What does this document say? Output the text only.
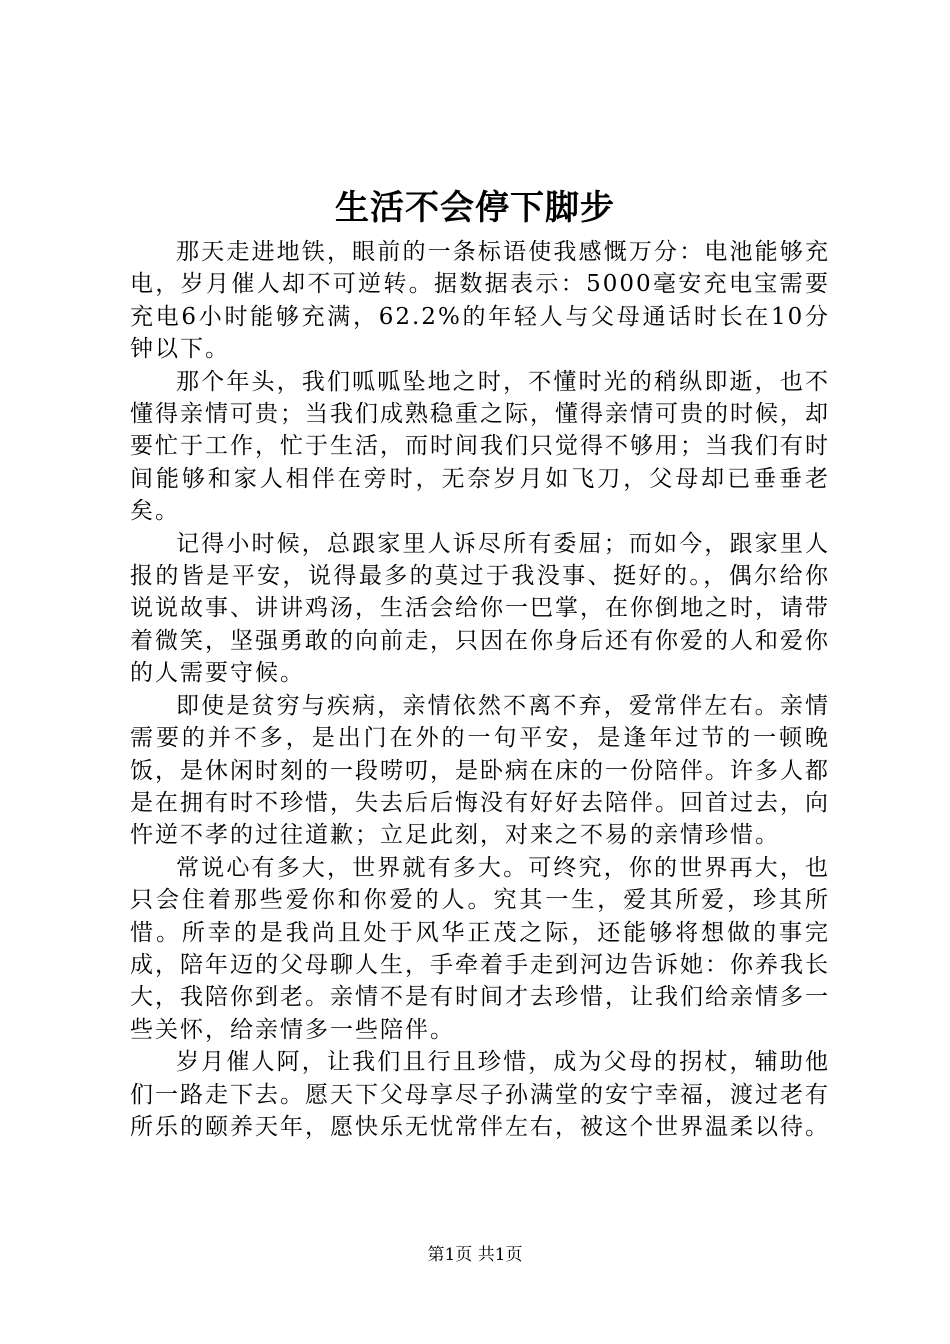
生活不会停下脚步

那天走进地铁，眼前的一条标语使我感慨万分：电池能够充电，岁月催人却不可逆转。据数据表示：5000毫安充电宝需要充电6小时能够充满，62.2%的年轻人与父母通话时长在10分钟以下。

那个年头，我们呱呱坠地之时，不懂时光的稍纵即逝，也不懂得亲情可贵；当我们成熟稳重之际，懂得亲情可贵的时候，却要忙于工作，忙于生活，而时间我们只觉得不够用；当我们有时间能够和家人相伴在旁时，无奈岁月如飞刀，父母却已垂垂老矣。

记得小时候，总跟家里人诉尽所有委屈；而如今，跟家里人报的皆是平安，说得最多的莫过于我没事、挺好的。，偶尔给你说说故事、讲讲鸡汤，生活会给你一巴掌，在你倒地之时，请带着微笑，坚强勇敢的向前走，只因在你身后还有你爱的人和爱你的人需要守候。

即使是贫穷与疾病，亲情依然不离不弃，爱常伴左右。亲情需要的并不多，是出门在外的一句平安，是逢年过节的一顿晚饭，是休闲时刻的一段唠叨，是卧病在床的一份陪伴。许多人都是在拥有时不珍惜，失去后后悔没有好好去陪伴。回首过去，向忤逆不孝的过往道歉；立足此刻，对来之不易的亲情珍惜。

常说心有多大，世界就有多大。可终究，你的世界再大，也只会住着那些爱你和你爱的人。究其一生，爱其所爱，珍其所惜。所幸的是我尚且处于风华正茂之际，还能够将想做的事完成，陪年迈的父母聊人生，手牵着手走到河边告诉她：你养我长大，我陪你到老。亲情不是有时间才去珍惜，让我们给亲情多一些关怀，给亲情多一些陪伴。

岁月催人阿，让我们且行且珍惜，成为父母的拐杖，辅助他们一路走下去。愿天下父母享尽子孙满堂的安宁幸福，渡过老有所乐的颐养天年，愿快乐无忧常伴左右，被这个世界温柔以待。

第1页 共1页
